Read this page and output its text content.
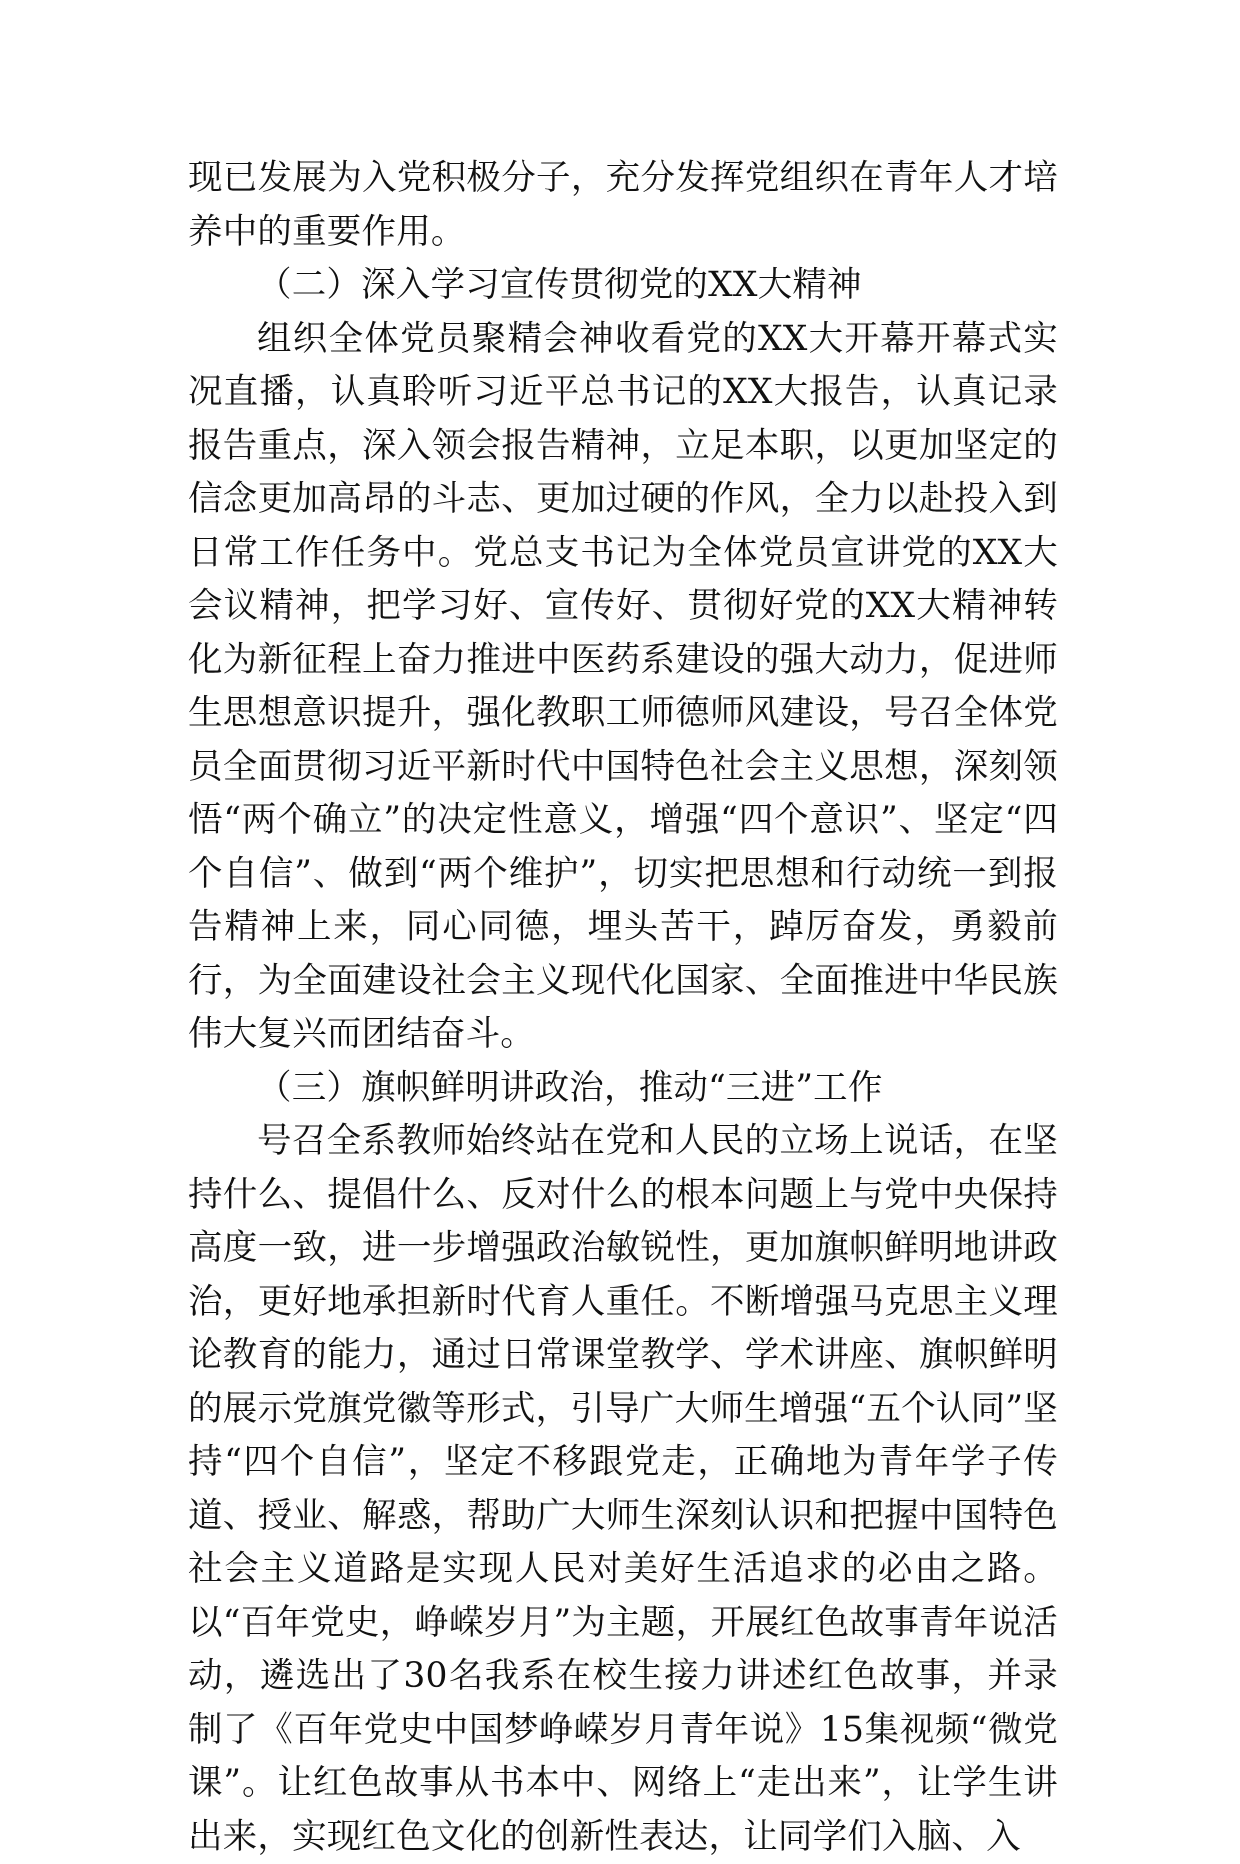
现已发展为入党积极分子，充分发挥党组织在青年人才培养中的重要作用。

（二）深入学习宣传贯彻党的XX大精神

组织全体党员聚精会神收看党的XX大开幕开幕式实况直播，认真聆听习近平总书记的XX大报告，认真记录报告重点，深入领会报告精神，立足本职，以更加坚定的信念更加高昂的斗志、更加过硬的作风，全力以赴投入到日常工作任务中。党总支书记为全体党员宣讲党的XX大会议精神，把学习好、宣传好、贯彻好党的XX大精神转化为新征程上奋力推进中医药系建设的强大动力，促进师生思想意识提升，强化教职工师德师风建设，号召全体党员全面贯彻习近平新时代中国特色社会主义思想，深刻领悟“两个确立”的决定性意义，增强“四个意识”、坚定“四个自信”、做到“两个维护”，切实把思想和行动统一到报告精神上来，同心同德，埋头苦干，踔厉奋发，勇毅前行，为全面建设社会主义现代化国家、全面推进中华民族伟大复兴而团结奋斗。

（三）旗帜鲜明讲政治，推动“三进”工作

号召全系教师始终站在党和人民的立场上说话，在坚持什么、提倡什么、反对什么的根本问题上与党中央保持高度一致，进一步增强政治敏锐性，更加旗帜鲜明地讲政治，更好地承担新时代育人重任。不断增强马克思主义理论教育的能力，通过日常课堂教学、学术讲座、旗帜鲜明的展示党旗党徽等形式，引导广大师生增强“五个认同”坚持“四个自信”，坚定不移跟党走，正确地为青年学子传道、授业、解惑，帮助广大师生深刻认识和把握中国特色社会主义道路是实现人民对美好生活追求的必由之路。以“百年党史，峥嵘岁月”为主题，开展红色故事青年说活动，遴选出了30名我系在校生接力讲述红色故事，并录制了《百年党史中国梦峥嵘岁月青年说》15集视频“微党课”。让红色故事从书本中、网络上“走出来”，让学生讲出来，实现红色文化的创新性表达，让同学们入脑、入
